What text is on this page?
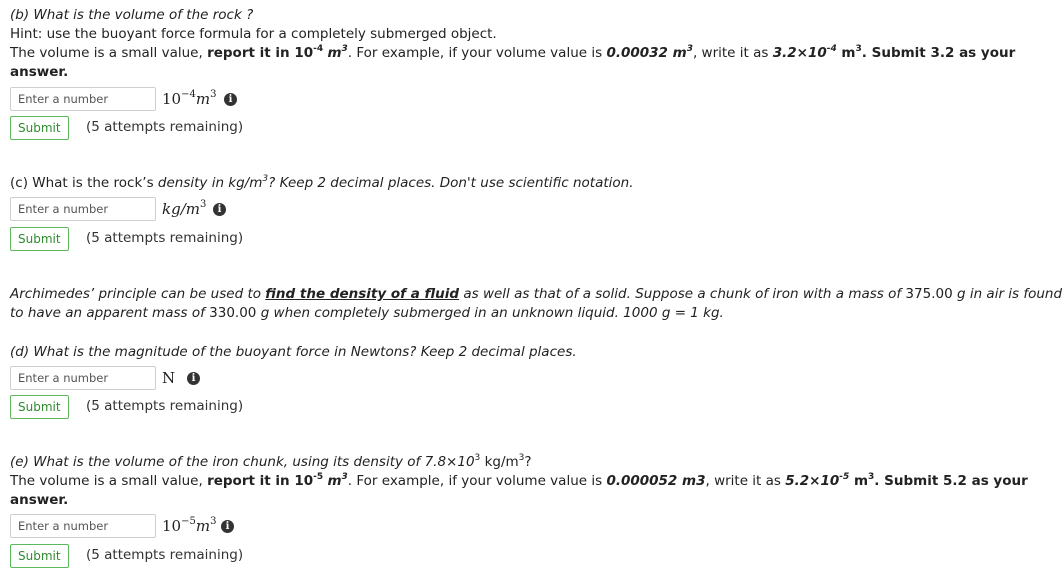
(b) What is the volume of the rock ?
Hint: use the buoyant force formula for a completely submerged object.
The volume is a small value, report it in $10^{-4}$ $m^3$. For example, if your volume value is 0.00032 $m^3$, write it as $3.2\times 10^{-4}$ $m^3$. Submit 3.2 as your
answer.
Enter a number
$10^{-4}m^3$	i
Submit	(5 attempts remaining)
(c) What is the rock’s density in $kg/m^3$? Keep 2 decimal places. Don't use scientific notation.
Enter a number
$kg/m^3$	i
Submit	(5 attempts remaining)
Archimedes’ principle can be used to find the density of a fluid as well as that of a solid. Suppose a chunk of iron with a mass of 375.00 g in air is found
to have an apparent mass of 330.00 g when completely submerged in an unknown liquid. 1000 g = 1 kg.
(d) What is the magnitude of the buoyant force in Newtons? Keep 2 decimal places.
Enter a number
N	i
Submit	(5 attempts remaining)
(e) What is the volume of the iron chunk, using its density of $7.8\times 10^3$ $kg/m^3$?
The volume is a small value, report it in $10^{-5}$ $m^3$. For example, if your volume value is 0.000052 m3, write it as $5.2\times 10^{-5}$ $m^3$. Submit 5.2 as your
answer.
Enter a number
$10^{-5}m^3$ i
Submit	(5 attempts remaining)
